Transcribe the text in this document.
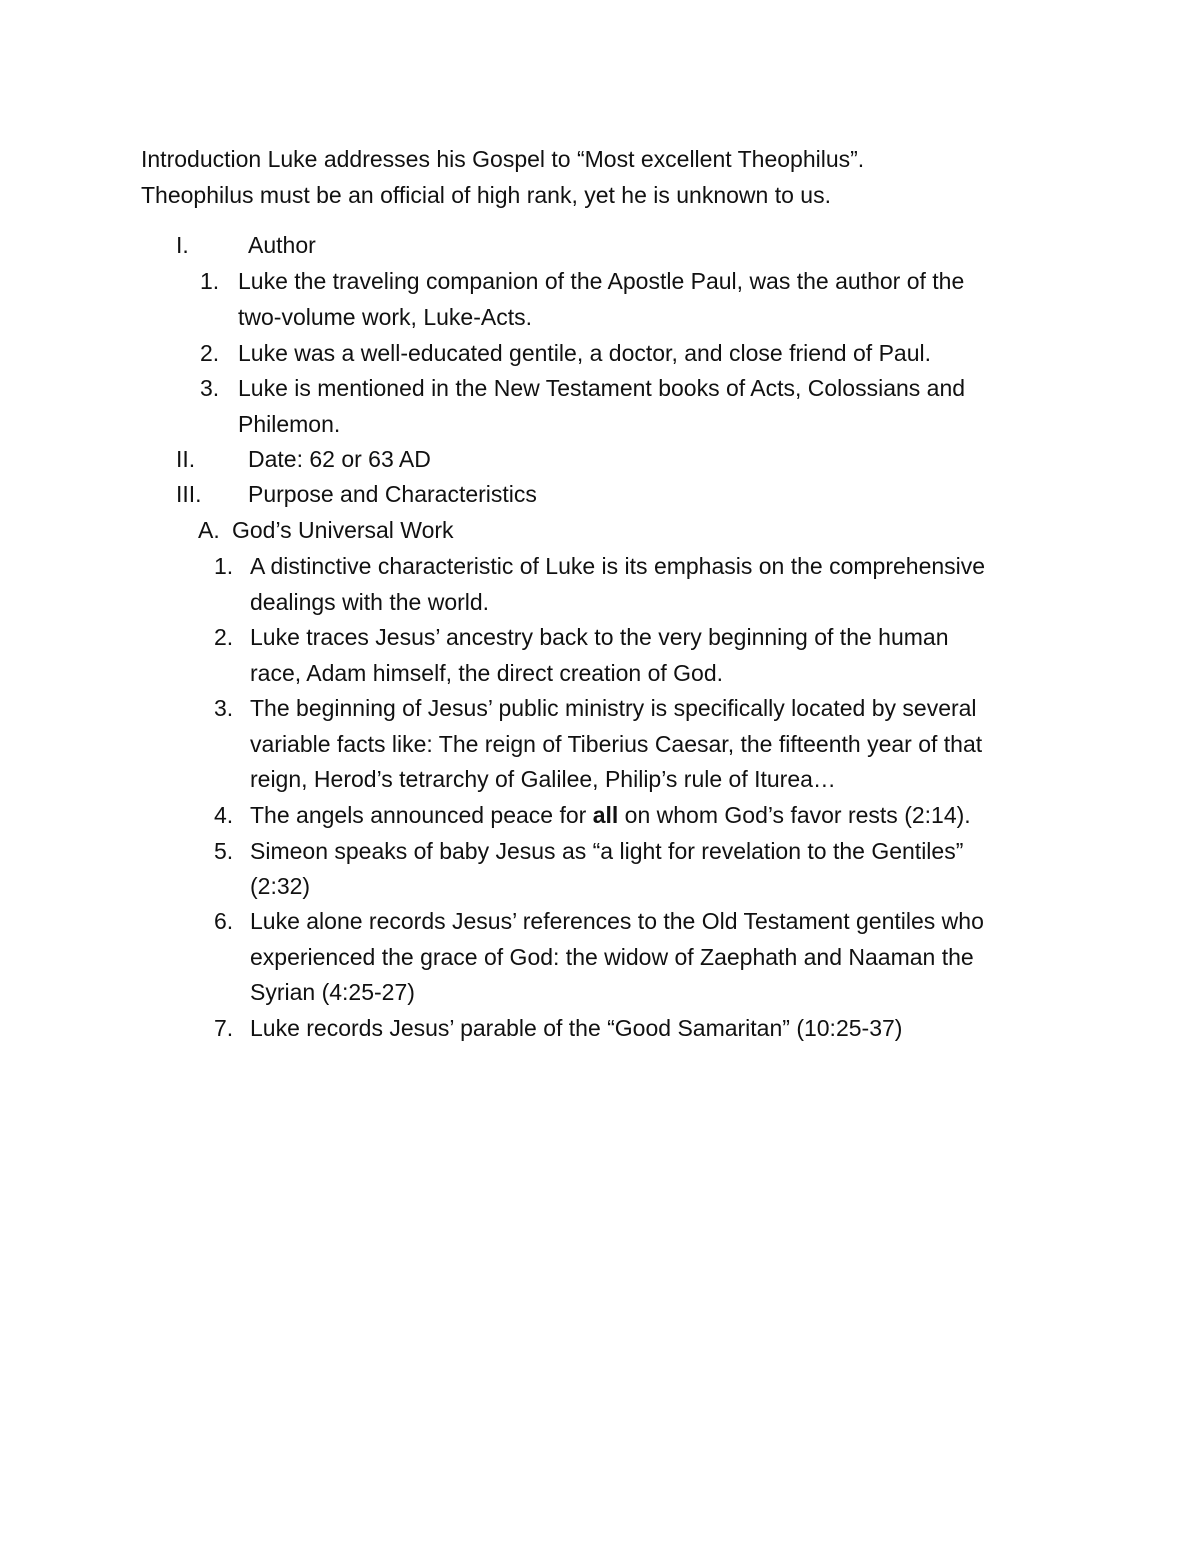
Introduction Luke addresses his Gospel to “Most excellent Theophilus”.
Theophilus must be an official of high rank, yet he is unknown to us.
I.	Author
1. Luke the traveling companion of the Apostle Paul, was the author of the
two-volume work, Luke-Acts.
2. Luke was a well-educated gentile, a doctor, and close friend of Paul.
3. Luke is mentioned in the New Testament books of Acts, Colossians and
Philemon.
II. Date: 62 or 63 AD
III. Purpose and Characteristics
A. God’s Universal Work
1. A distinctive characteristic of Luke is its emphasis on the comprehensive
dealings with the world.
2. Luke traces Jesus’ ancestry back to the very beginning of the human
race, Adam himself, the direct creation of God.
3. The beginning of Jesus’ public ministry is specifically located by several
variable facts like: The reign of Tiberius Caesar, the fifteenth year of that
reign, Herod’s tetrarchy of Galilee, Philip’s rule of Iturea…
4. The angels announced peace for all on whom God’s favor rests (2:14).
5. Simeon speaks of baby Jesus as “a light for revelation to the Gentiles”
(2:32)
6. Luke alone records Jesus’ references to the Old Testament gentiles who
experienced the grace of God: the widow of Zaephath and Naaman the
Syrian (4:25-27)
7. Luke records Jesus’ parable of the “Good Samaritan” (10:25-37)
